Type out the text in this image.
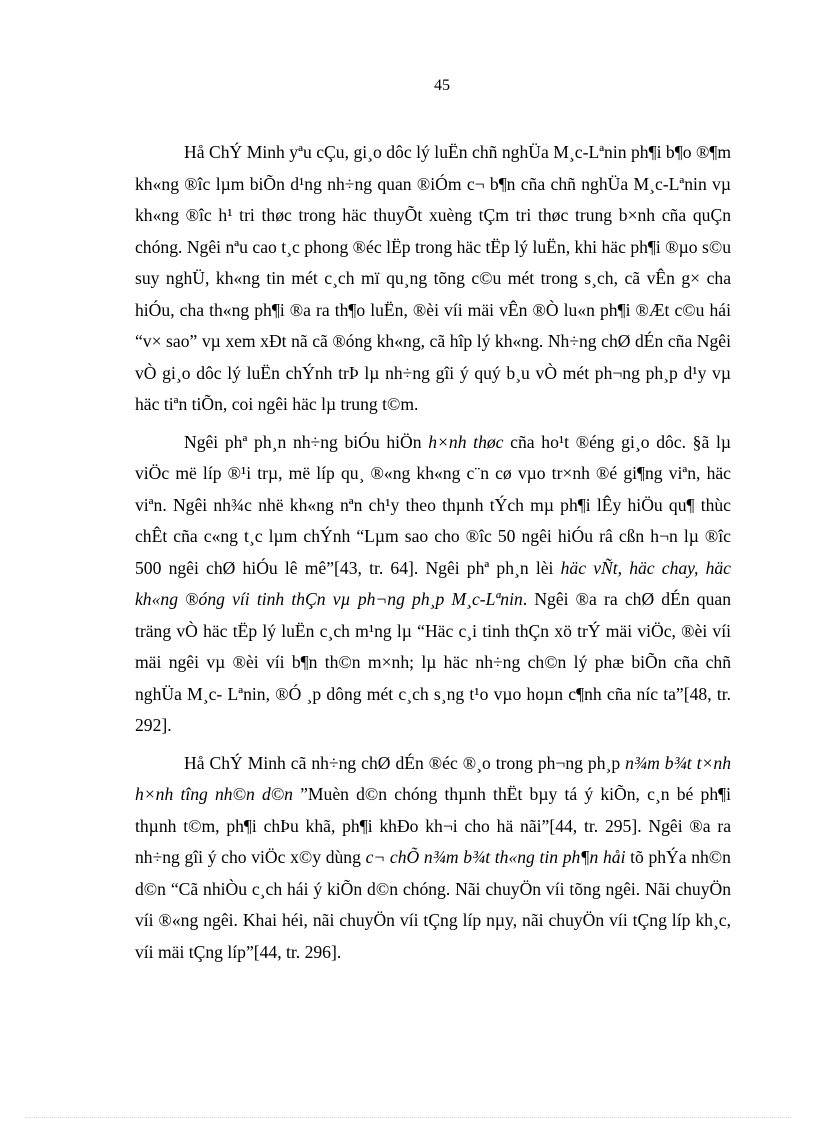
45

Hå ChÝ Minh yªu cÇu, gi¸o dôc lý luËn chñ nghÜa M¸c-Lªnin ph¶i b¶o ®¶m kh«ng ®îc lµm biÕn d¹ng nh÷ng quan ®iÓm c¬ b¶n cña chñ nghÜa M¸c-Lªnin vµ kh«ng ®îc h¹ tri thøc trong häc thuyÕt xuèng tÇm tri thøc trung b×nh cña quÇn chóng. Ngêi nªu cao t¸c phong ®éc lËp trong häc tËp lý luËn, khi häc ph¶i ®µo s©u suy nghÜ, kh«ng tin mét c¸ch mï qu¸ng tõng c©u mét trong s¸ch, cã vÊn g× cha hiÓu, cha th«ng ph¶i ®a ra th¶o luËn, ®èi víi mäi vÊn ®Ò lu«n ph¶i ®Æt c©u hái “v× sao” vµ xem xÐt nã cã ®óng kh«ng, cã hîp lý kh«ng. Nh÷ng chØ dÉn cña Ngêi vÒ gi¸o dôc lý luËn chÝnh trÞ lµ nh÷ng gîi ý quý b¸u vÒ mét ph¬ng ph¸p d¹y vµ häc tiªn tiÕn, coi ngêi häc lµ trung t©m.

Ngêi phª ph¸n nh÷ng biÓu hiÖn h×nh thøc cña ho¹t ®éng gi¸o dôc. §ã lµ viÖc më líp ®¹i trµ, më líp qu¸ ®«ng kh«ng c¨n cø vµo tr×nh ®é gi¶ng viªn, häc viªn. Ngêi nh¾c nhë kh«ng nªn ch¹y theo thµnh tÝch mµ ph¶i lÊy hiÖu qu¶ thùc chÊt cña c«ng t¸c lµm chÝnh “Lµm sao cho ®îc 50 ngêi hiÓu râ cßn h¬n lµ ®îc 500 ngêi chØ hiÓu lê mê”[43, tr. 64]. Ngêi phª ph¸n lèi häc vÑt, häc chay, häc kh«ng ®óng víi tinh thÇn vµ ph¬ng ph¸p M¸c-Lªnin. Ngêi ®a ra chØ dÉn quan träng vÒ häc tËp lý luËn c¸ch m¹ng lµ “Häc c¸i tinh thÇn xö trÝ mäi viÖc, ®èi víi mäi ngêi vµ ®èi víi b¶n th©n m×nh; lµ häc nh÷ng ch©n lý phæ biÕn cña chñ nghÜa M¸c- Lªnin, ®Ó ¸p dông mét c¸ch s¸ng t¹o vµo hoµn c¶nh cña níc ta”[48, tr. 292].

Hå ChÝ Minh cã nh÷ng chØ dÉn ®éc ®¸o trong ph¬ng ph¸p n¾m b¾t t×nh h×nh tîng nh©n d©n ”Muèn d©n chóng thµnh thËt bµy tá ý kiÕn, c¸n bé ph¶i thµnh t©m, ph¶i chÞu khã, ph¶i khÐo kh¬i cho hä nãi”[44, tr. 295]. Ngêi ®a ra nh÷ng gîi ý cho viÖc x©y dùng c¬ chÕ n¾m b¾t th«ng tin ph¶n håi tõ phÝa nh©n d©n “Cã nhiÒu c¸ch hái ý kiÕn d©n chóng. Nãi chuyÖn víi tõng ngêi. Nãi chuyÖn víi ®«ng ngêi. Khai héi, nãi chuyÖn víi tÇng líp nµy, nãi chuyÖn víi tÇng líp kh¸c, víi mäi tÇng líp”[44, tr. 296].
